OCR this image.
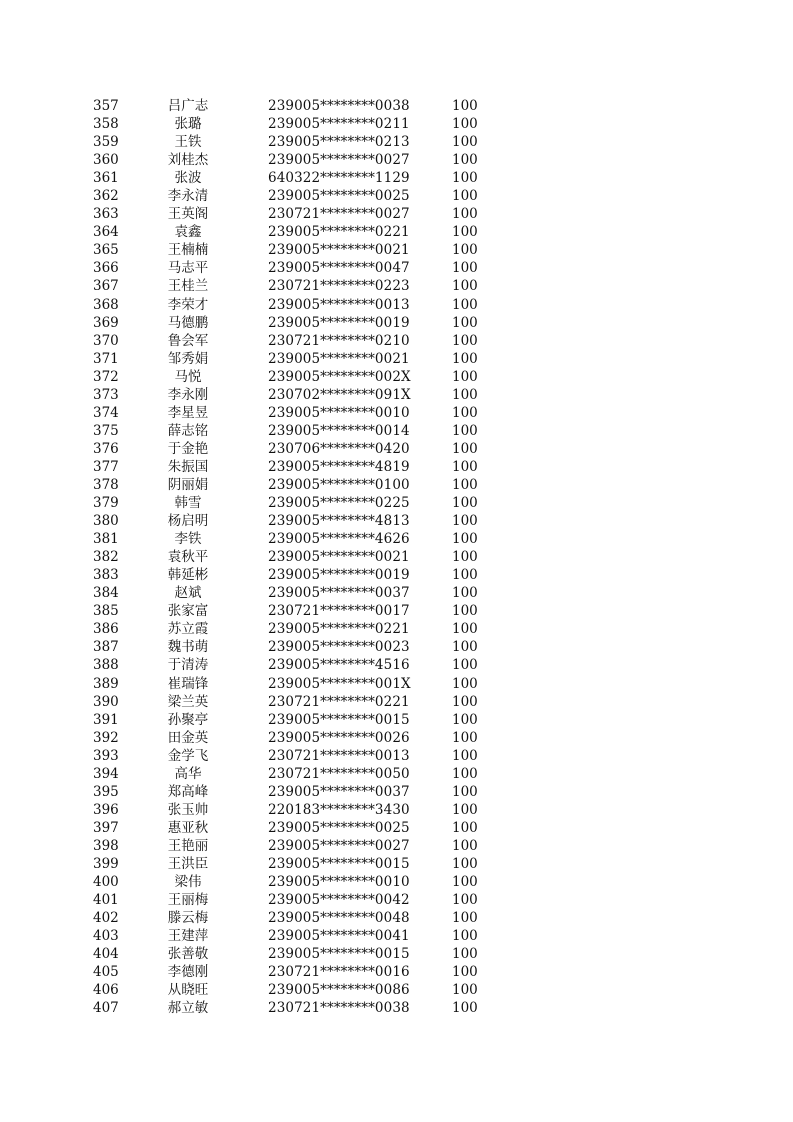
357	吕广志	239005********0038	100
358	张璐	239005********0211	100
359	王铁	239005********0213	100
360	刘桂杰	239005********0027	100
361	张波	640322********1129	100
362	李永清	239005********0025	100
363	王英阁	230721********0027	100
364	袁鑫	239005********0221	100
365	王楠楠	239005********0021	100
366	马志平	239005********0047	100
367	王桂兰	230721********0223	100
368	李荣才	239005********0013	100
369	马德鹏	239005********0019	100
370	鲁会军	230721********0210	100
371	邹秀娟	239005********0021	100
372	马悦	239005********002X	100
373	李永刚	230702********091X	100
374	李星昱	239005********0010	100
375	薛志铭	239005********0014	100
376	于金艳	230706********0420	100
377	朱振国	239005********4819	100
378	阴丽娟	239005********0100	100
379	韩雪	239005********0225	100
380	杨启明	239005********4813	100
381	李铁	239005********4626	100
382	袁秋平	239005********0021	100
383	韩延彬	239005********0019	100
384	赵斌	239005********0037	100
385	张家富	230721********0017	100
386	苏立霞	239005********0221	100
387	魏书萌	239005********0023	100
388	于清涛	239005********4516	100
389	崔瑞锋	239005********001X	100
390	梁兰英	230721********0221	100
391	孙聚亭	239005********0015	100
392	田金英	239005********0026	100
393	金学飞	230721********0013	100
394	高华	230721********0050	100
395	郑高峰	239005********0037	100
396	张玉帅	220183********3430	100
397	惠亚秋	239005********0025	100
398	王艳丽	239005********0027	100
399	王洪臣	239005********0015	100
400	梁伟	239005********0010	100
401	王丽梅	239005********0042	100
402	滕云梅	239005********0048	100
403	王建萍	239005********0041	100
404	张善敬	239005********0015	100
405	李德刚	230721********0016	100
406	从晓旺	239005********0086	100
407	郝立敏	230721********0038	100
